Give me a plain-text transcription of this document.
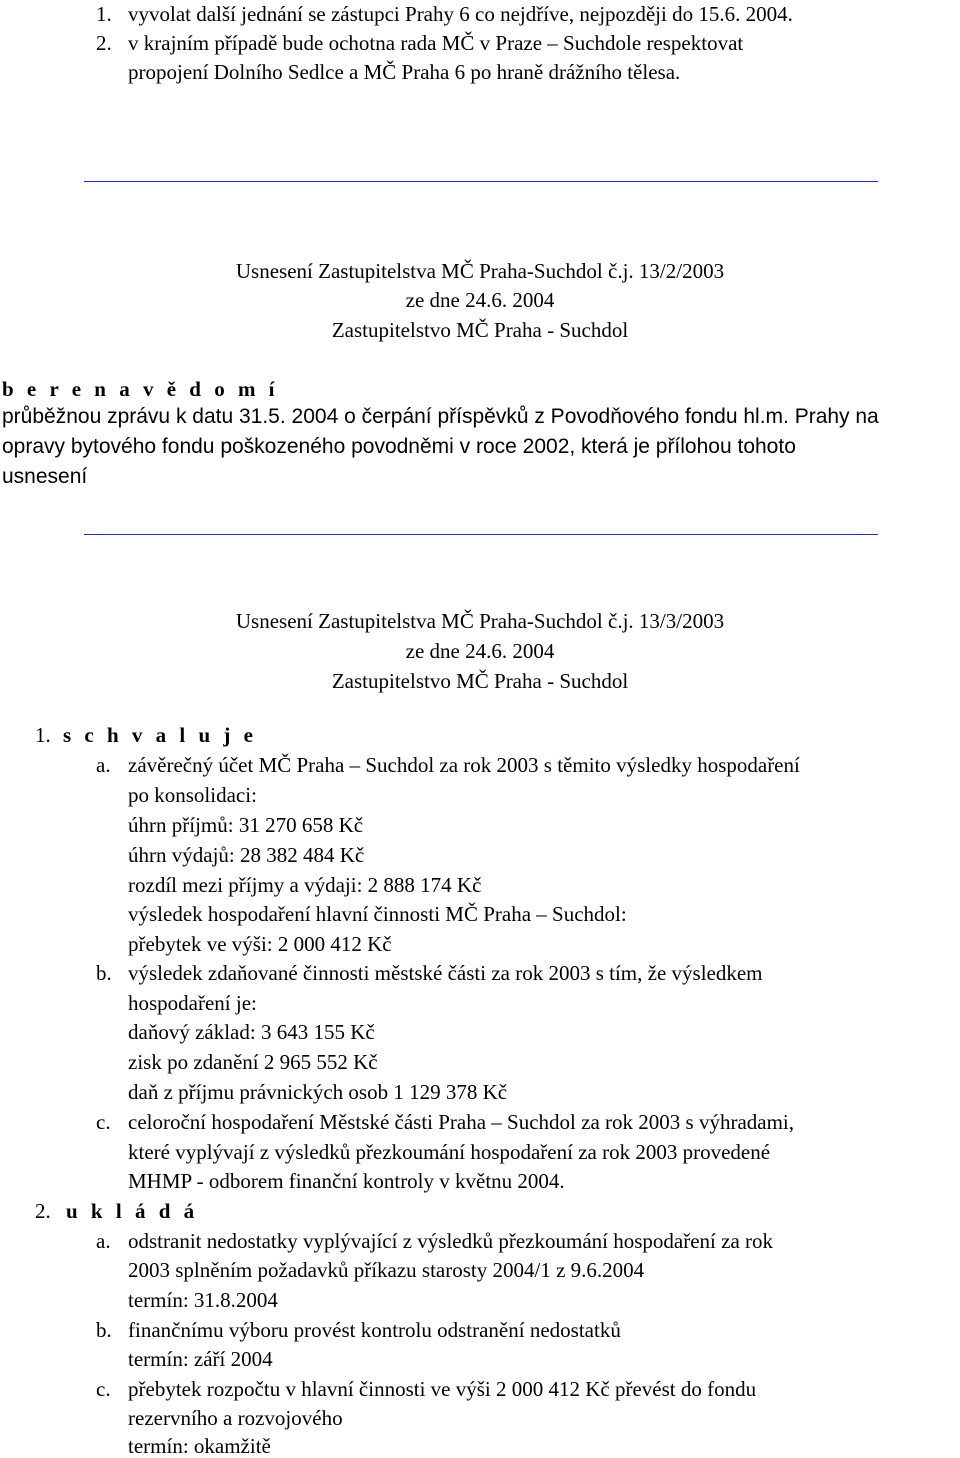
1. vyvolat další jednání se zástupci Prahy 6 co nejdříve, nejpozději do 15.6. 2004.
2. v krajním případě bude ochotna rada MČ v Praze – Suchdole respektovat
propojení Dolního Sedlce a MČ Praha 6 po hraně drážního tělesa.
Usnesení Zastupitelstva MČ Praha-Suchdol č.j. 13/2/2003
ze dne 24.6. 2004
Zastupitelstvo MČ Praha - Suchdol
b e r e n a v ě d o m í
průběžnou zprávu k datu 31.5. 2004 o čerpání příspěvků z Povodňového fondu hl.m. Prahy na
opravy bytového fondu poškozeného povodněmi v roce 2002, která je přílohou tohoto
usnesení
Usnesení Zastupitelstva MČ Praha-Suchdol č.j. 13/3/2003
ze dne 24.6. 2004
Zastupitelstvo MČ Praha - Suchdol
1. s c h v a l u j e
a. závěrečný účet MČ Praha – Suchdol za rok 2003 s těmito výsledky hospodaření
po konsolidaci:
úhrn příjmů: 31 270 658 Kč
úhrn výdajů: 28 382 484 Kč
rozdíl mezi příjmy a výdaji: 2 888 174 Kč
výsledek hospodaření hlavní činnosti MČ Praha – Suchdol:
přebytek ve výši: 2 000 412 Kč
b. výsledek zdaňované činnosti městské části za rok 2003 s tím, že výsledkem
hospodaření je:
daňový základ: 3 643 155 Kč
zisk po zdanění 2 965 552 Kč
daň z příjmu právnických osob 1 129 378 Kč
c. celoroční hospodaření Městské části Praha – Suchdol za rok 2003 s výhradami,
které vyplývají z výsledků přezkoumání hospodaření za rok 2003 provedené
MHMP - odborem finanční kontroly v květnu 2004.
2. u k l á d á
a. odstranit nedostatky vyplývající z výsledků přezkoumání hospodaření za rok
2003 splněním požadavků příkazu starosty 2004/1 z 9.6.2004
termín: 31.8.2004
b. finančnímu výboru provést kontrolu odstranění nedostatků
termín: září 2004
c. přebytek rozpočtu v hlavní činnosti ve výši 2 000 412 Kč převést do fondu
rezervního a rozvojového
termín: okamžitě
